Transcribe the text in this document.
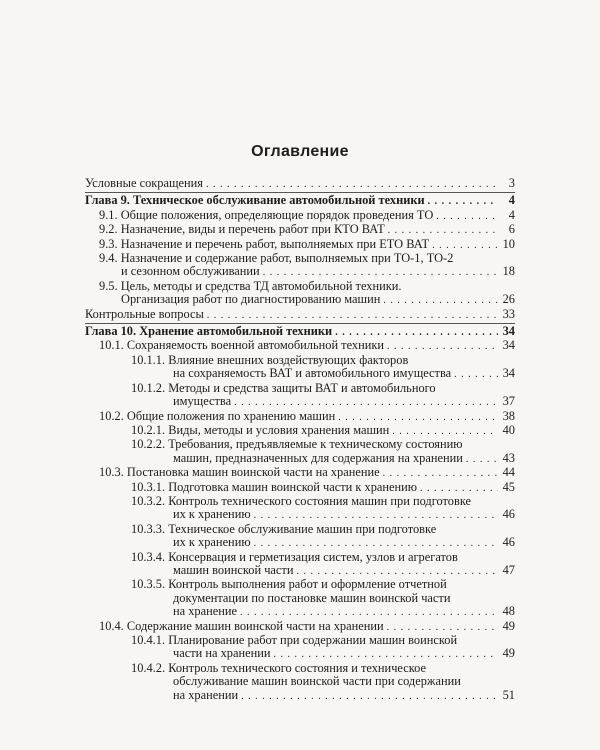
Оглавление
Условные сокращения . . .	3
Глава 9. Техническое обслуживание автомобильной техники . . .	4
9.1. Общие положения, определяющие порядок проведения ТО . . .	4
9.2. Назначение, виды и перечень работ при КТО ВАТ . . .	6
9.3. Назначение и перечень работ, выполняемых при ЕТО ВАТ . . .	10
9.4. Назначение и содержание работ, выполняемых при ТО-1, ТО-2
и сезонном обслуживании . . .	18
9.5. Цель, методы и средства ТД автомобильной техники.
Организация работ по диагностированию машин . . .	26
Контрольные вопросы . . .	33
Глава 10. Хранение автомобильной техники . . .	34
10.1. Сохраняемость военной автомобильной техники . . .	34
10.1.1. Влияние внешних воздействующих факторов
на сохраняемость ВАТ и автомобильного имущества . . .	34
10.1.2. Методы и средства защиты ВАТ и автомобильного
имущества . . .	37
10.2. Общие положения по хранению машин . . .	38
10.2.1. Виды, методы и условия хранения машин . . .	40
10.2.2. Требования, предъявляемые к техническому состоянию
машин, предназначенных для содержания на хранении . . .	43
10.3. Постановка машин воинской части на хранение . . .	44
10.3.1. Подготовка машин воинской части к хранению . . .	45
10.3.2. Контроль технического состояния машин при подготовке
их к хранению . . .	46
10.3.3. Техническое обслуживание машин при подготовке
их к хранению . . .	46
10.3.4. Консервация и герметизация систем, узлов и агрегатов
машин воинской части . . .	47
10.3.5. Контроль выполнения работ и оформление отчетной
документации по постановке машин воинской части
на хранение . . .	48
10.4. Содержание машин воинской части на хранении . . .	49
10.4.1. Планирование работ при содержании машин воинской
части на хранении . . .	49
10.4.2. Контроль технического состояния и техническое
обслуживание машин воинской части при содержании
на хранении . . .	51
